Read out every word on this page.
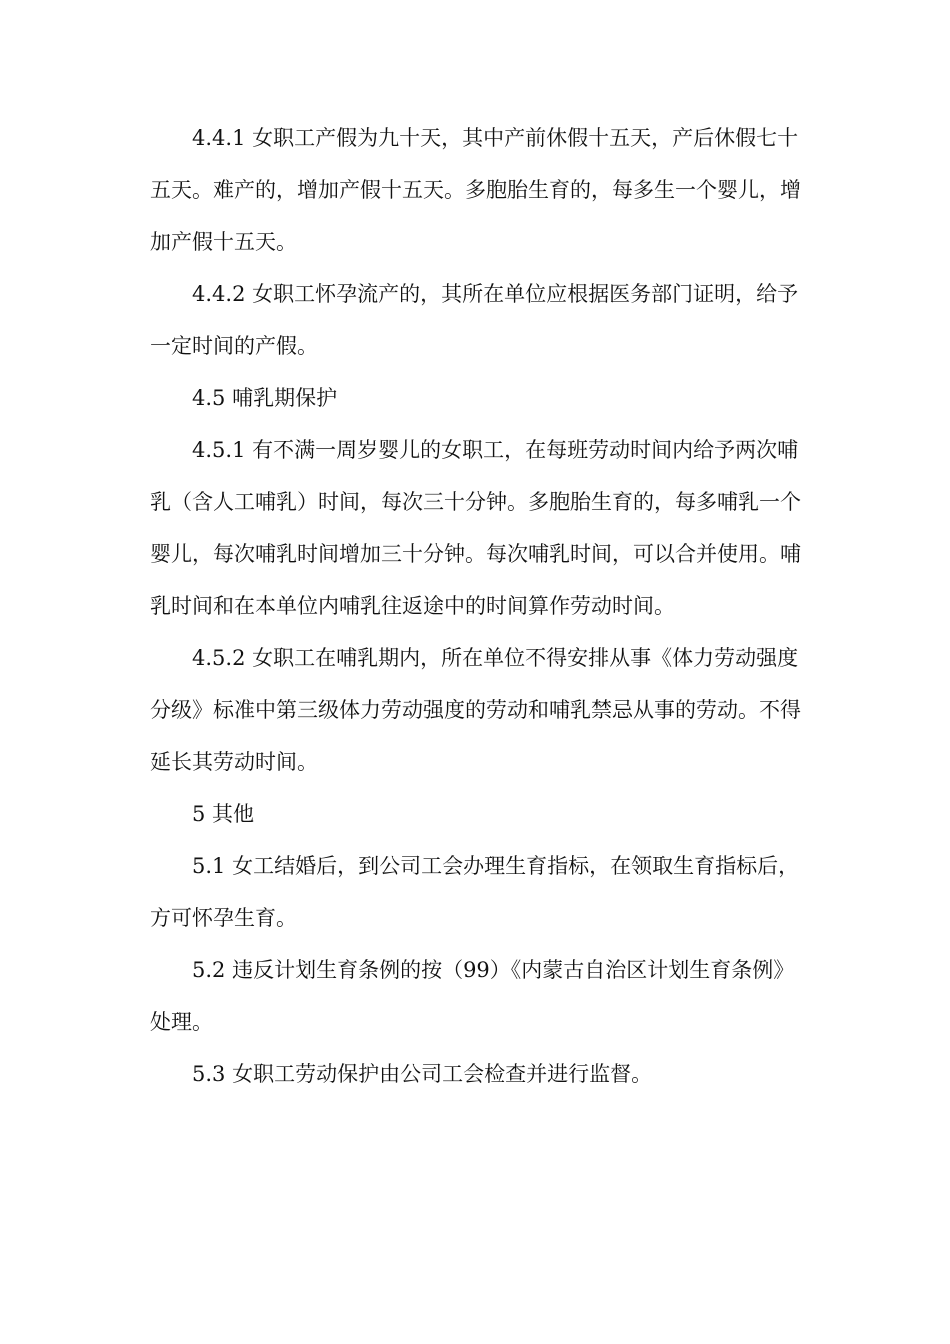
4.4.1 女职工产假为九十天，其中产前休假十五天，产后休假七十五天。难产的，增加产假十五天。多胞胎生育的，每多生一个婴儿，增加产假十五天。

4.4.2 女职工怀孕流产的，其所在单位应根据医务部门证明，给予一定时间的产假。

4.5 哺乳期保护

4.5.1 有不满一周岁婴儿的女职工，在每班劳动时间内给予两次哺乳（含人工哺乳）时间，每次三十分钟。多胞胎生育的，每多哺乳一个婴儿，每次哺乳时间增加三十分钟。每次哺乳时间，可以合并使用。哺乳时间和在本单位内哺乳往返途中的时间算作劳动时间。

4.5.2 女职工在哺乳期内，所在单位不得安排从事《体力劳动强度分级》标准中第三级体力劳动强度的劳动和哺乳禁忌从事的劳动。不得延长其劳动时间。

5 其他

5.1 女工结婚后，到公司工会办理生育指标，在领取生育指标后，方可怀孕生育。

5.2 违反计划生育条例的按（99）《内蒙古自治区计划生育条例》处理。

5.3 女职工劳动保护由公司工会检查并进行监督。
